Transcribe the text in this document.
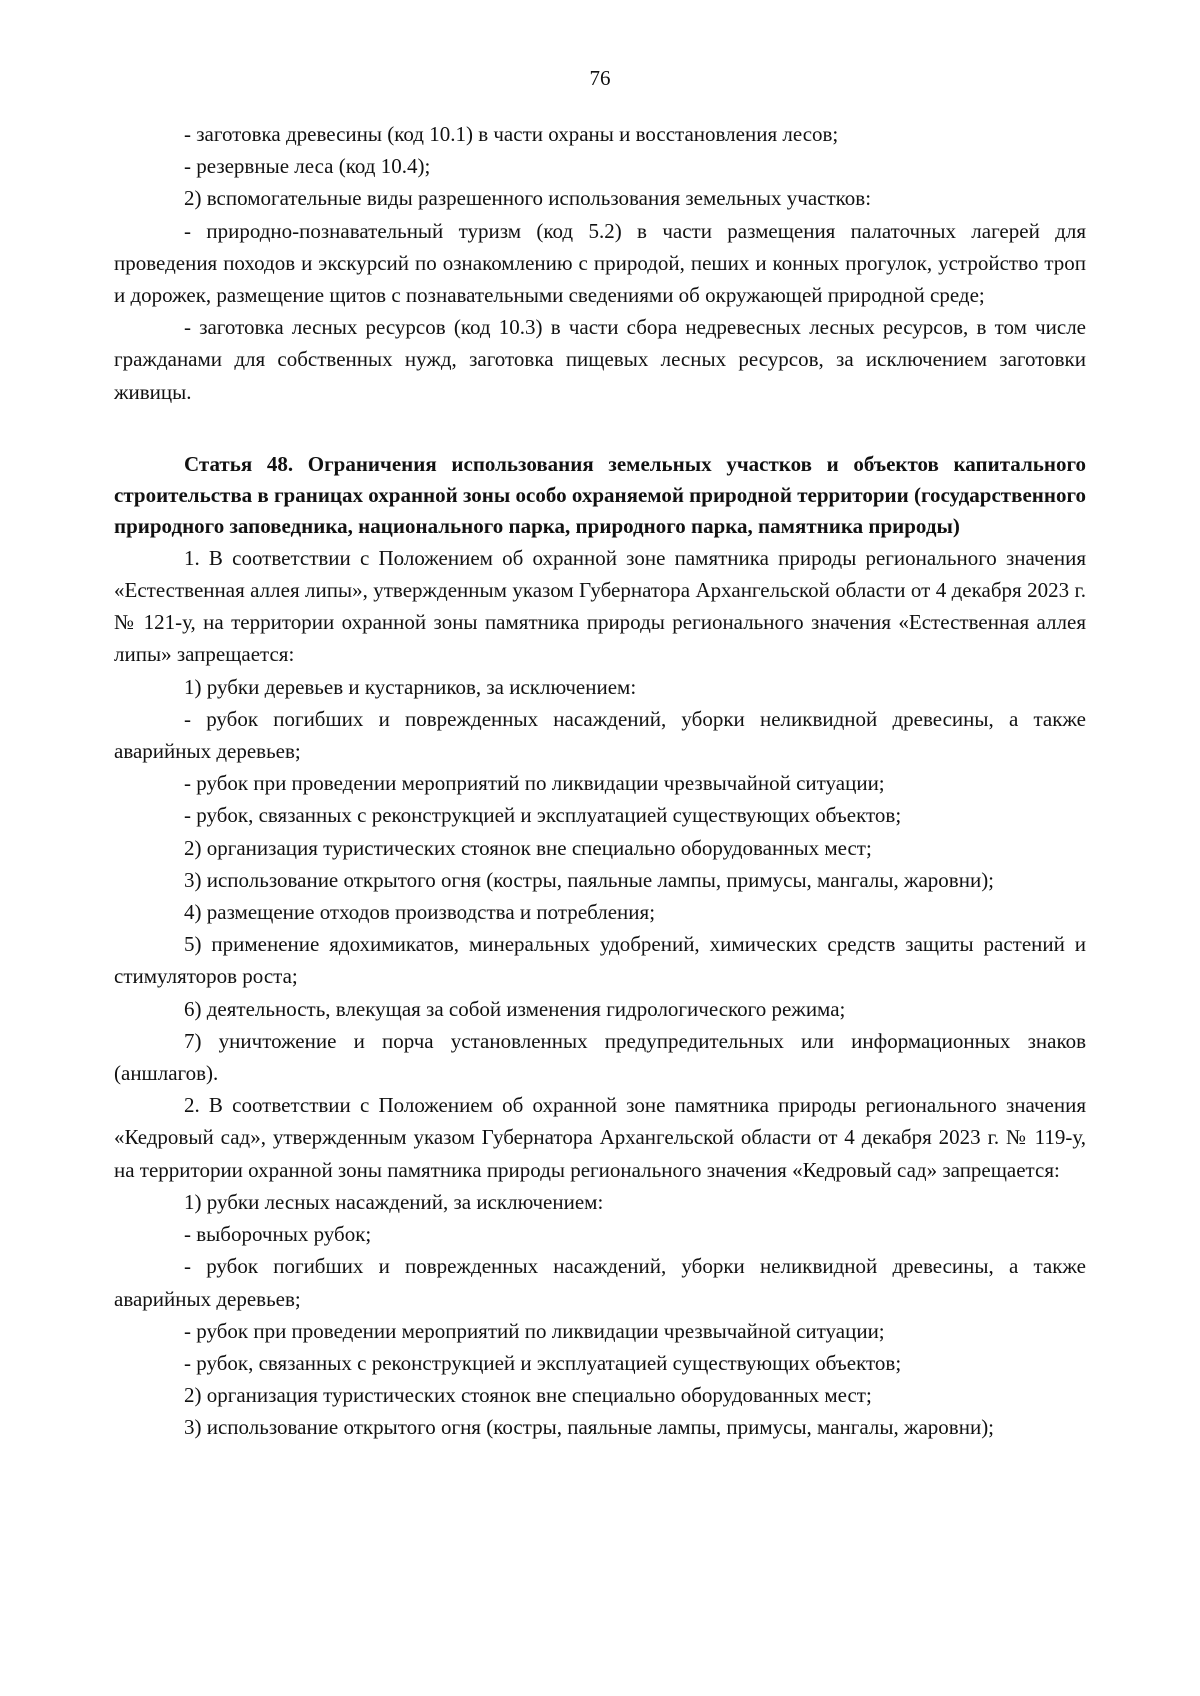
76

- заготовка древесины (код 10.1) в части охраны и восстановления лесов;

- резервные леса (код 10.4);

2) вспомогательные виды разрешенного использования земельных участков:

- природно-познавательный туризм (код 5.2) в части размещения палаточных лагерей для проведения походов и экскурсий по ознакомлению с природой, пеших и конных прогулок, устройство троп и дорожек, размещение щитов с познавательными сведениями об окружающей природной среде;

- заготовка лесных ресурсов (код 10.3) в части сбора недревесных лесных ресурсов, в том числе гражданами для собственных нужд, заготовка пищевых лесных ресурсов, за исключением заготовки живицы.

Статья 48. Ограничения использования земельных участков и объектов капитального строительства в границах охранной зоны особо охраняемой природной территории (государственного природного заповедника, национального парка, природного парка, памятника природы)

1. В соответствии с Положением об охранной зоне памятника природы регионального значения «Естественная аллея липы», утвержденным указом Губернатора Архангельской области от 4 декабря 2023 г. № 121-у, на территории охранной зоны памятника природы регионального значения «Естественная аллея липы» запрещается:

1) рубки деревьев и кустарников, за исключением:

- рубок погибших и поврежденных насаждений, уборки неликвидной древесины, а также аварийных деревьев;

- рубок при проведении мероприятий по ликвидации чрезвычайной ситуации;

- рубок, связанных с реконструкцией и эксплуатацией существующих объектов;

2) организация туристических стоянок вне специально оборудованных мест;

3) использование открытого огня (костры, паяльные лампы, примусы, мангалы, жаровни);

4) размещение отходов производства и потребления;

5) применение ядохимикатов, минеральных удобрений, химических средств защиты растений и стимуляторов роста;

6) деятельность, влекущая за собой изменения гидрологического режима;

7) уничтожение и порча установленных предупредительных или информационных знаков (аншлагов).

2. В соответствии с Положением об охранной зоне памятника природы регионального значения «Кедровый сад», утвержденным указом Губернатора Архангельской области от 4 декабря 2023 г. № 119-у, на территории охранной зоны памятника природы регионального значения «Кедровый сад» запрещается:

1) рубки лесных насаждений, за исключением:

- выборочных рубок;

- рубок погибших и поврежденных насаждений, уборки неликвидной древесины, а также аварийных деревьев;

- рубок при проведении мероприятий по ликвидации чрезвычайной ситуации;

- рубок, связанных с реконструкцией и эксплуатацией существующих объектов;

2) организация туристических стоянок вне специально оборудованных мест;

3) использование открытого огня (костры, паяльные лампы, примусы, мангалы, жаровни);
